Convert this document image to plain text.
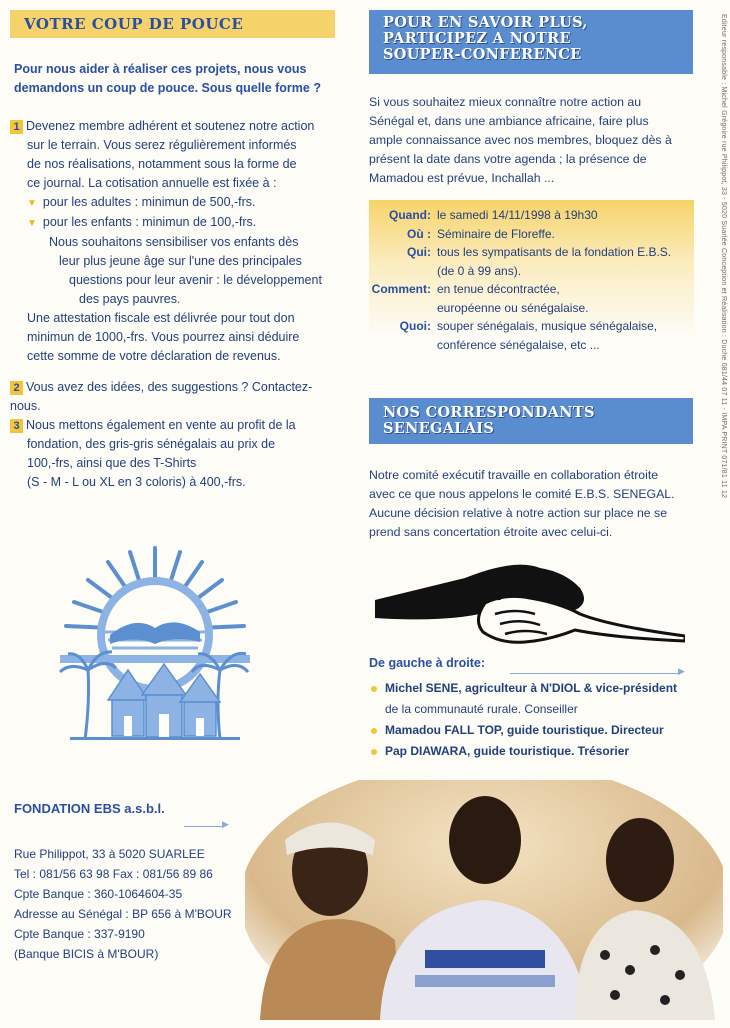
VOTRE COUP DE POUCE
Pour nous aider à réaliser ces projets, nous vous demandons un coup de pouce. Sous quelle forme ?
1 Devenez membre adhérent et soutenez notre action
sur le terrain. Vous serez régulièrement informés
de nos réalisations, notamment sous la forme de
ce journal. La cotisation annuelle est fixée à :
▼ pour les adultes : minimun de 500,-frs.
▼ pour les enfants : minimun de 100,-frs.
Nous souhaitons sensibiliser vos enfants dès
leur plus jeune âge sur l'une des principales
questions pour leur avenir : le développement
des pays pauvres.
Une attestation fiscale est délivrée pour tout don
minimun de 1000,-frs. Vous pourrez ainsi déduire
cette somme de votre déclaration de revenus.
2 Vous avez des idées, des suggestions ? Contactez-nous.
3 Nous mettons également en vente au profit de la
fondation, des gris-gris sénégalais au prix de
100,-frs, ainsi que des T-Shirts
(S - M - L ou XL en 3 coloris) à 400,-frs.
FONDATION EBS a.s.b.l.
▶
Rue Philippot, 33 à 5020 SUARLEE
Tel : 081/56 63 98 Fax : 081/56 89 86
Cpte Banque : 360-1064604-35
Adresse au Sénégal : BP 656 à M'BOUR
Cpte Banque : 337-9190
(Banque BICIS à M'BOUR)
POUR EN SAVOIR PLUS,
PARTICIPEZ A NOTRE
SOUPER-CONFERENCE
Si vous souhaitez mieux connaître notre action au
Sénégal et, dans une ambiance africaine, faire plus
ample connaissance avec nos membres, bloquez dès à
présent la date dans votre agenda ; la présence de
Mamadou est prévue, Inchallah ...
Quand: le samedi 14/11/1998 à 19h30
Où : Séminaire de Floreffe.
Qui: tous les sympatisants de la fondation E.B.S.
(de 0 à 99 ans).
Comment: en tenue décontractée,
européenne ou sénégalaise.
Quoi: souper sénégalais, musique sénégalaise,
conférence sénégalaise, etc ...
NOS CORRESPONDANTS
SENEGALAIS
Notre comité exécutif travaille en collaboration étroite
avec ce que nous appelons le comité E.B.S. SENEGAL.
Aucune décision relative à notre action sur place ne se
prend sans concertation étroite avec celui-ci.
De gauche à droite:
▶
Michel SENE, agriculteur à N'DIOL & vice-président
de la communauté rurale. Conseiller
Mamadou FALL TOP, guide touristique. Directeur
Pap DIAWARA, guide touristique. Trésorier
Editeur responsable : Michel Grégoire rue Philippot, 33 - 5020 Suarlée Conception et Réalisation : Duche 081/44 07 11 - IMPA PRINT 071/81 11 12
